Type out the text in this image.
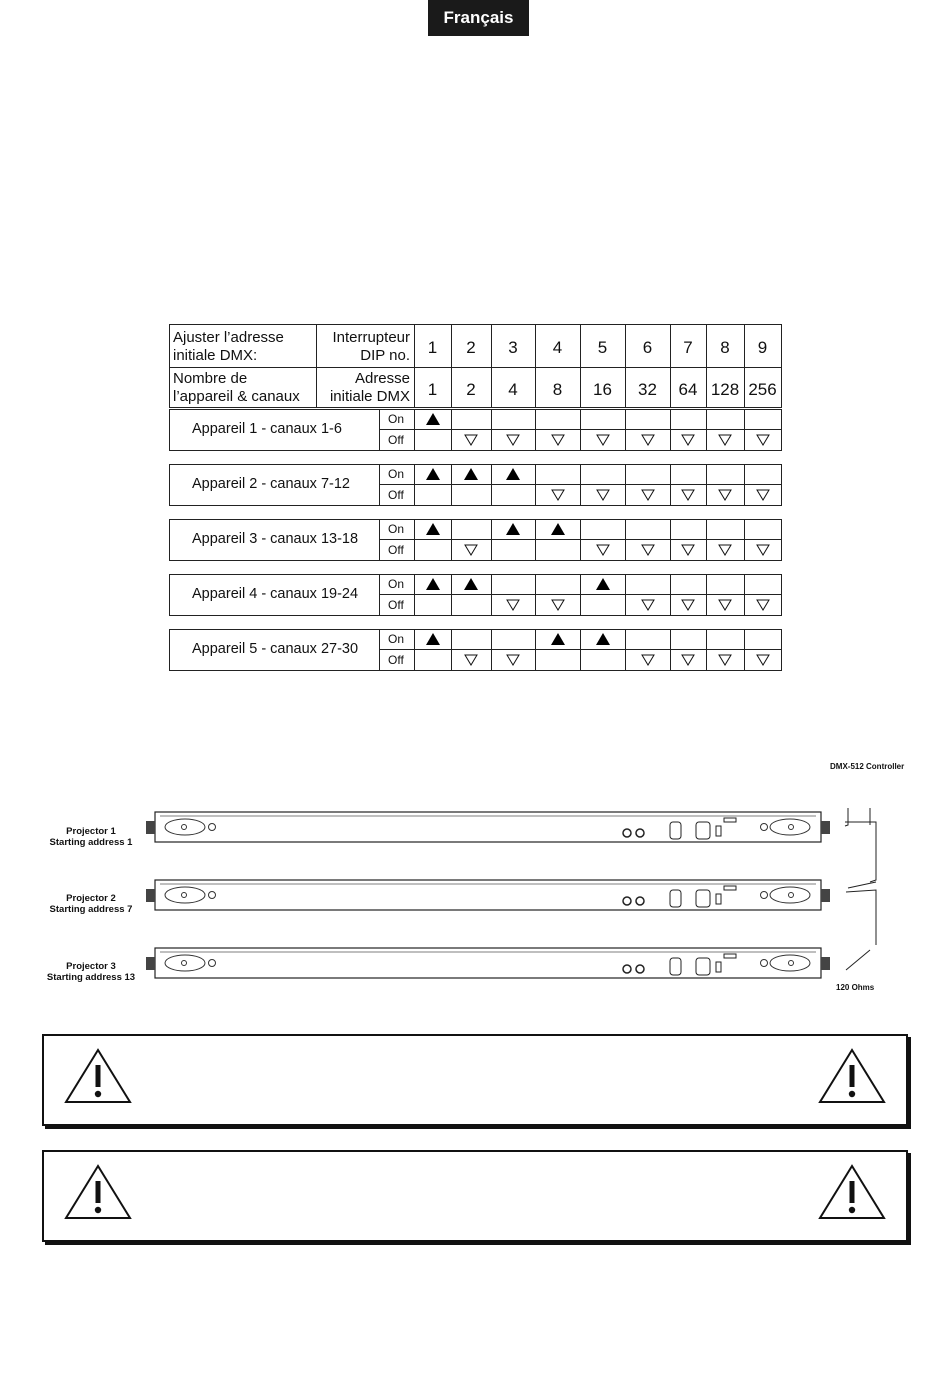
Français
Ajuster l’adresse
initiale DMX:
Interrupteur
DIP no.
Nombre de
l’appareil & canaux
Adresse
initiale DMX
1
1
2
2
3
4
4
8
5
16
6
32
7
64
8
128
9
256
Appareil 1 - canaux 1-6
On
Off
Appareil 2 - canaux 7-12
On
Off
Appareil 3 - canaux 13-18
On
Off
Appareil 4 - canaux 19-24
On
Off
Appareil 5 - canaux 27-30
On
Off
DMX-512 Controller
120 Ohms
Projector 1
Starting address 1
Projector 2
Starting address 7
Projector 3
Starting address 13
